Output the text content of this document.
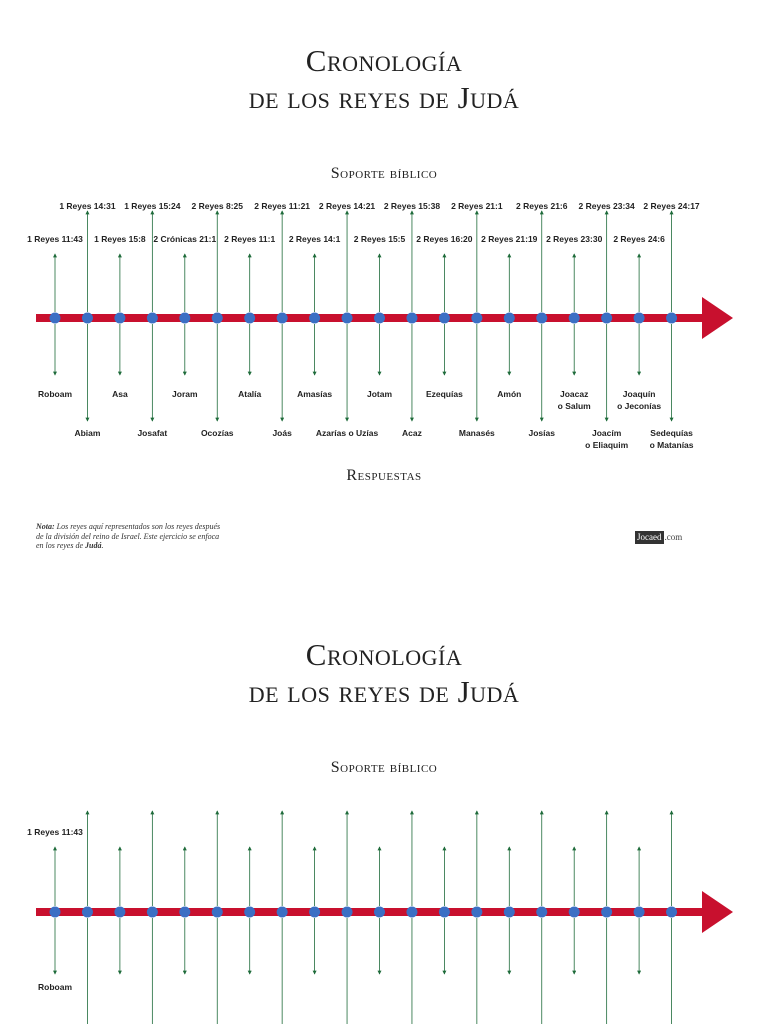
Cronología
de los reyes de Judá
Soporte bíblico
1 Reyes 11:43
Roboam
1 Reyes 14:31
Abiam
1 Reyes 15:8
Asa
1 Reyes 15:24
Josafat
2 Crónicas 21:1
Joram
2 Reyes 8:25
Ocozías
2 Reyes 11:1
Atalía
2 Reyes 11:21
Joás
2 Reyes 14:1
Amasías
2 Reyes 14:21
Azarías o Uzías
2 Reyes 15:5
Jotam
2 Reyes 15:38
Acaz
2 Reyes 16:20
Ezequías
2 Reyes 21:1
Manasés
2 Reyes 21:19
Amón
2 Reyes 21:6
Josías
2 Reyes 23:30
Joacaz
o Salum
2 Reyes 23:34
Joacím
o Eliaquim
2 Reyes 24:6
Joaquín
o Jeconías
2 Reyes 24:17
Sedequías
o Matanías
Respuestas
Nota: Los reyes aquí representados son los reyes después de la división del reino de Israel. Este ejercicio se enfoca en los reyes de Judá.
Jocaed .com
Cronología
de los reyes de Judá
Soporte bíblico
1 Reyes 11:43
Roboam
